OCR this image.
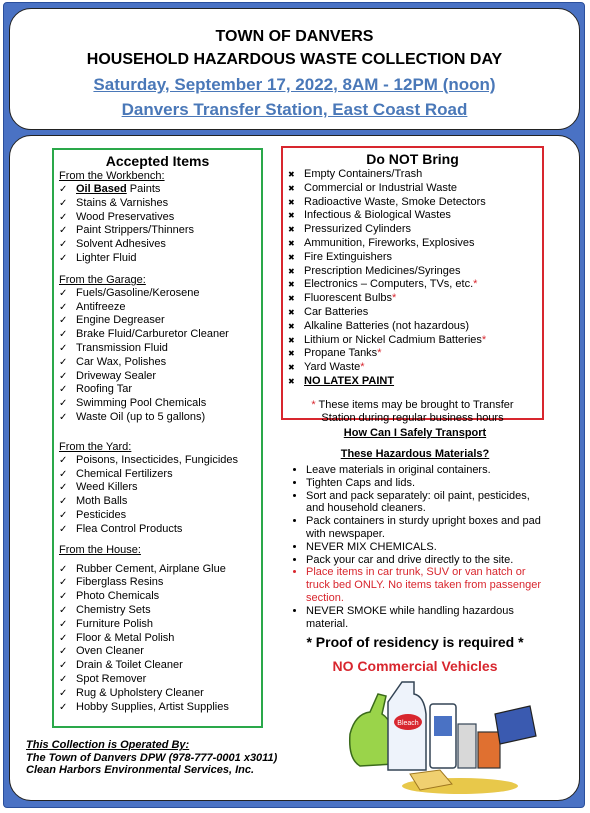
TOWN OF DANVERS
HOUSEHOLD HAZARDOUS WASTE COLLECTION DAY
Saturday, September 17, 2022, 8AM - 12PM (noon)
Danvers Transfer Station, East Coast Road
Accepted Items
From the Workbench:
✓ Oil Based Paints
✓ Stains & Varnishes
✓ Wood Preservatives
✓ Paint Strippers/Thinners
✓ Solvent Adhesives
✓ Lighter Fluid
From the Garage:
✓ Fuels/Gasoline/Kerosene
✓ Antifreeze
✓ Engine Degreaser
✓ Brake Fluid/Carburetor Cleaner
✓ Transmission Fluid
✓ Car Wax, Polishes
✓ Driveway Sealer
✓ Roofing Tar
✓ Swimming Pool Chemicals
✓ Waste Oil (up to 5 gallons)
From the Yard:
✓ Poisons, Insecticides, Fungicides
✓ Chemical Fertilizers
✓ Weed Killers
✓ Moth Balls
✓ Pesticides
✓ Flea Control Products
From the House:
✓ Rubber Cement, Airplane Glue
✓ Fiberglass Resins
✓ Photo Chemicals
✓ Chemistry Sets
✓ Furniture Polish
✓ Floor & Metal Polish
✓ Oven Cleaner
✓ Drain & Toilet Cleaner
✓ Spot Remover
✓ Rug & Upholstery Cleaner
✓ Hobby Supplies, Artist Supplies
Do NOT Bring
✖ Empty Containers/Trash
✖ Commercial or Industrial Waste
✖ Radioactive Waste, Smoke Detectors
✖ Infectious & Biological Wastes
✖ Pressurized Cylinders
✖ Ammunition, Fireworks, Explosives
✖ Fire Extinguishers
✖ Prescription Medicines/Syringes
✖ Electronics – Computers, TVs, etc.*
✖ Fluorescent Bulbs*
✖ Car Batteries
✖ Alkaline Batteries (not hazardous)
✖ Lithium or Nickel Cadmium Batteries*
✖ Propane Tanks*
✖ Yard Waste*
✖ NO LATEX PAINT
* These items may be brought to Transfer
Station during regular business hours
How Can I Safely Transport
These Hazardous Materials?
• Leave materials in original containers.
• Tighten Caps and lids.
• Sort and pack separately: oil paint, pesticides, and household cleaners.
• Pack containers in sturdy upright boxes and pad with newspaper.
• NEVER MIX CHEMICALS.
• Pack your car and drive directly to the site.
• Place items in car trunk, SUV or van hatch or truck bed ONLY. No items taken from passenger section.
• NEVER SMOKE while handling hazardous material.
* Proof of residency is required *
NO Commercial Vehicles
Bleach
This Collection is Operated By:
The Town of Danvers DPW (978-777-0001 x3011)
Clean Harbors Environmental Services, Inc.
